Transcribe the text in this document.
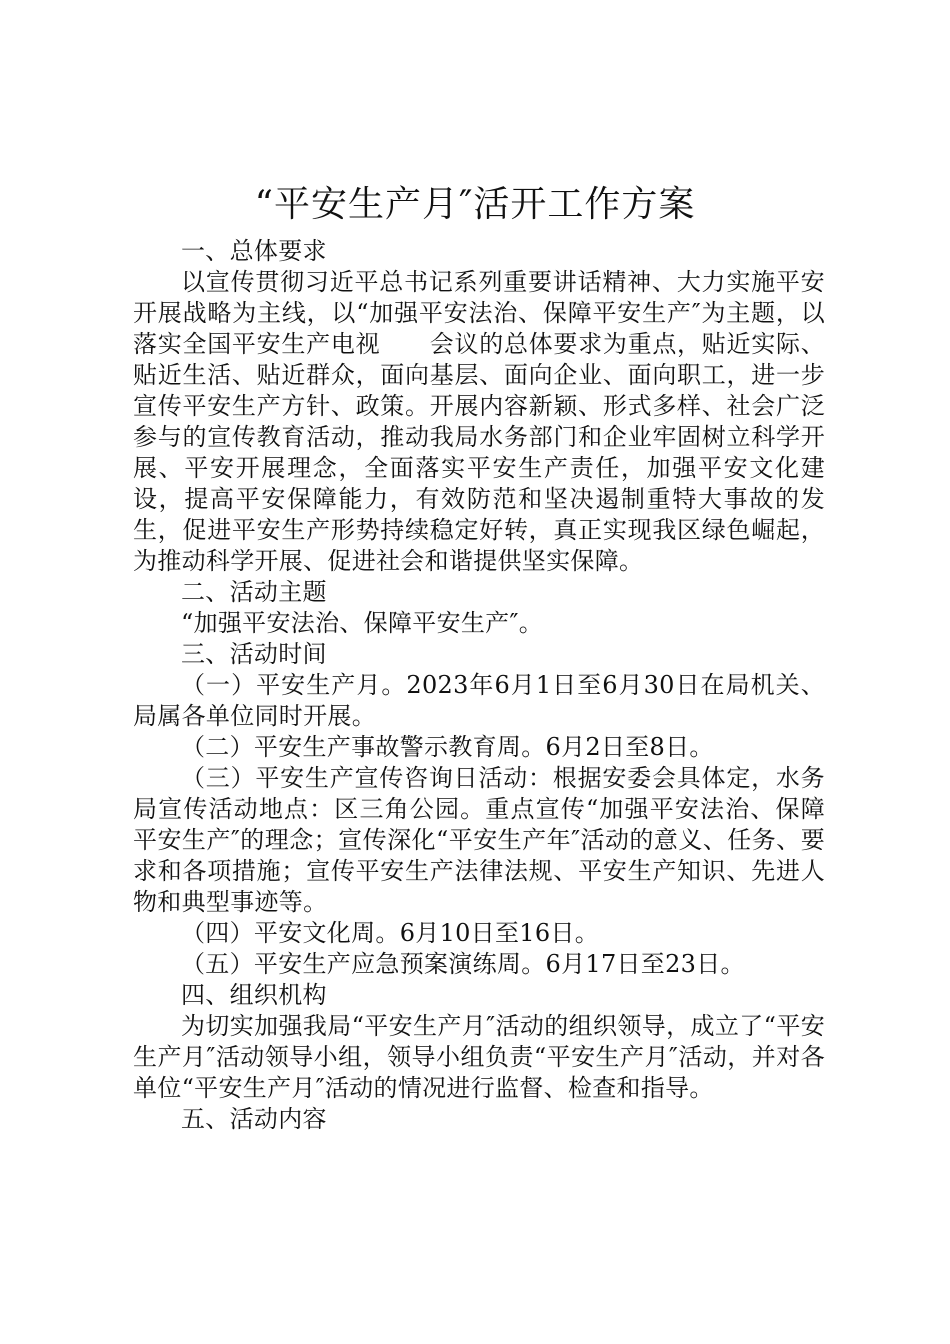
“平安生产月″活开工作方案

一、总体要求

以宣传贯彻习近平总书记系列重要讲话精神、大力实施平安开展战略为主线，以“加强平安法治、保障平安生产″为主题，以落实全国平安生产电视　　会议的总体要求为重点，贴近实际、贴近生活、贴近群众，面向基层、面向企业、面向职工，进一步宣传平安生产方针、政策。开展内容新颖、形式多样、社会广泛参与的宣传教育活动，推动我局水务部门和企业牢固树立科学开展、平安开展理念，全面落实平安生产责任，加强平安文化建设，提高平安保障能力，有效防范和坚决遏制重特大事故的发生，促进平安生产形势持续稳定好转，真正实现我区绿色崛起，为推动科学开展、促进社会和谐提供坚实保障。

二、活动主题

“加强平安法治、保障平安生产″。

三、活动时间

（一）平安生产月。2023年6月1日至6月30日在局机关、局属各单位同时开展。

（二）平安生产事故警示教育周。6月2日至8日。

（三）平安生产宣传咨询日活动：根据安委会具体定，水务局宣传活动地点：区三角公园。重点宣传“加强平安法治、保障平安生产″的理念；宣传深化“平安生产年″活动的意义、任务、要求和各项措施；宣传平安生产法律法规、平安生产知识、先进人物和典型事迹等。

（四）平安文化周。6月10日至16日。

（五）平安生产应急预案演练周。6月17日至23日。

四、组织机构

为切实加强我局“平安生产月″活动的组织领导，成立了“平安生产月″活动领导小组，领导小组负责“平安生产月″活动，并对各单位“平安生产月″活动的情况进行监督、检查和指导。

五、活动内容
